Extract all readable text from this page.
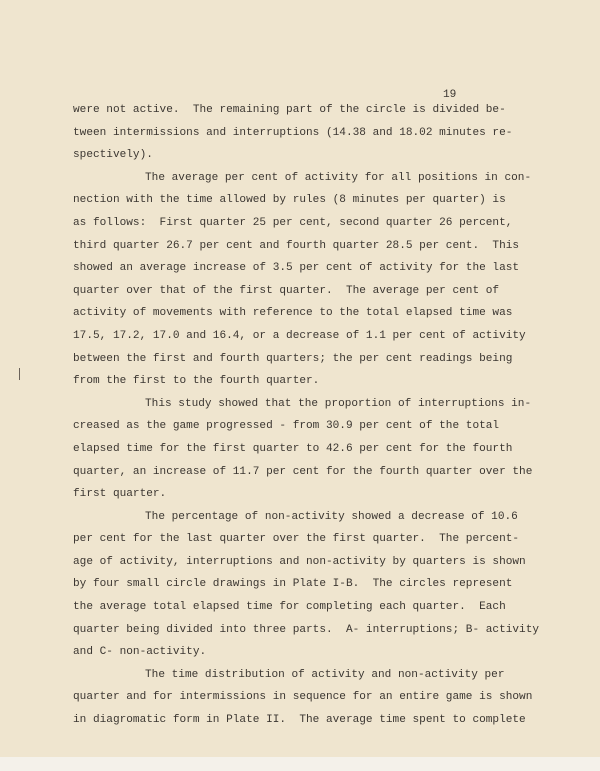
19
were not active.  The remaining part of the circle is divided be-
tween intermissions and interruptions (14.38 and 18.02 minutes re-
spectively).
The average per cent of activity for all positions in con-
nection with the time allowed by rules (8 minutes per quarter) is
as follows:  First quarter 25 per cent, second quarter 26 percent,
third quarter 26.7 per cent and fourth quarter 28.5 per cent.  This
showed an average increase of 3.5 per cent of activity for the last
quarter over that of the first quarter.  The average per cent of
activity of movements with reference to the total elapsed time was
17.5, 17.2, 17.0 and 16.4, or a decrease of 1.1 per cent of activity
between the first and fourth quarters; the per cent readings being
from the first to the fourth quarter.
This study showed that the proportion of interruptions in-
creased as the game progressed - from 30.9 per cent of the total
elapsed time for the first quarter to 42.6 per cent for the fourth
quarter, an increase of 11.7 per cent for the fourth quarter over the
first quarter.
The percentage of non-activity showed a decrease of 10.6
per cent for the last quarter over the first quarter.  The percent-
age of activity, interruptions and non-activity by quarters is shown
by four small circle drawings in Plate I-B.  The circles represent
the average total elapsed time for completing each quarter.  Each
quarter being divided into three parts.  A- interruptions; B- activity
and C- non-activity.
The time distribution of activity and non-activity per
quarter and for intermissions in sequence for an entire game is shown
in diagromatic form in Plate II.  The average time spent to complete
